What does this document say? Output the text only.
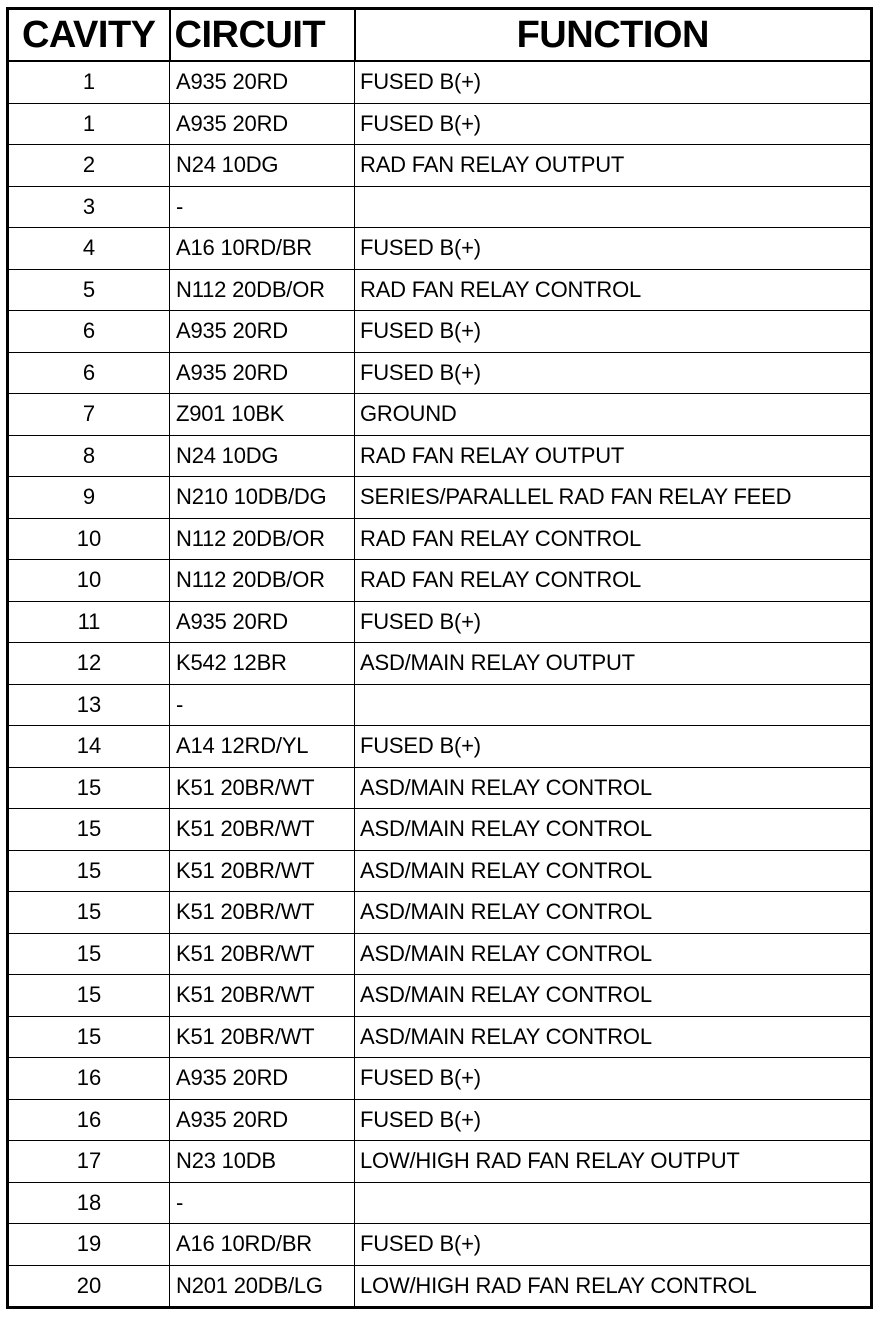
CAVITY	CIRCUIT	FUNCTION
1	A935 20RD	FUSED B(+)
1	A935 20RD	FUSED B(+)
2	N24 10DG	RAD FAN RELAY OUTPUT
3	-	
4	A16 10RD/BR	FUSED B(+)
5	N112 20DB/OR	RAD FAN RELAY CONTROL
6	A935 20RD	FUSED B(+)
6	A935 20RD	FUSED B(+)
7	Z901 10BK	GROUND
8	N24 10DG	RAD FAN RELAY OUTPUT
9	N210 10DB/DG	SERIES/PARALLEL RAD FAN RELAY FEED
10	N112 20DB/OR	RAD FAN RELAY CONTROL
10	N112 20DB/OR	RAD FAN RELAY CONTROL
11	A935 20RD	FUSED B(+)
12	K542 12BR	ASD/MAIN RELAY OUTPUT
13	-	
14	A14 12RD/YL	FUSED B(+)
15	K51 20BR/WT	ASD/MAIN RELAY CONTROL
15	K51 20BR/WT	ASD/MAIN RELAY CONTROL
15	K51 20BR/WT	ASD/MAIN RELAY CONTROL
15	K51 20BR/WT	ASD/MAIN RELAY CONTROL
15	K51 20BR/WT	ASD/MAIN RELAY CONTROL
15	K51 20BR/WT	ASD/MAIN RELAY CONTROL
15	K51 20BR/WT	ASD/MAIN RELAY CONTROL
16	A935 20RD	FUSED B(+)
16	A935 20RD	FUSED B(+)
17	N23 10DB	LOW/HIGH RAD FAN RELAY OUTPUT
18	-	
19	A16 10RD/BR	FUSED B(+)
20	N201 20DB/LG	LOW/HIGH RAD FAN RELAY CONTROL
